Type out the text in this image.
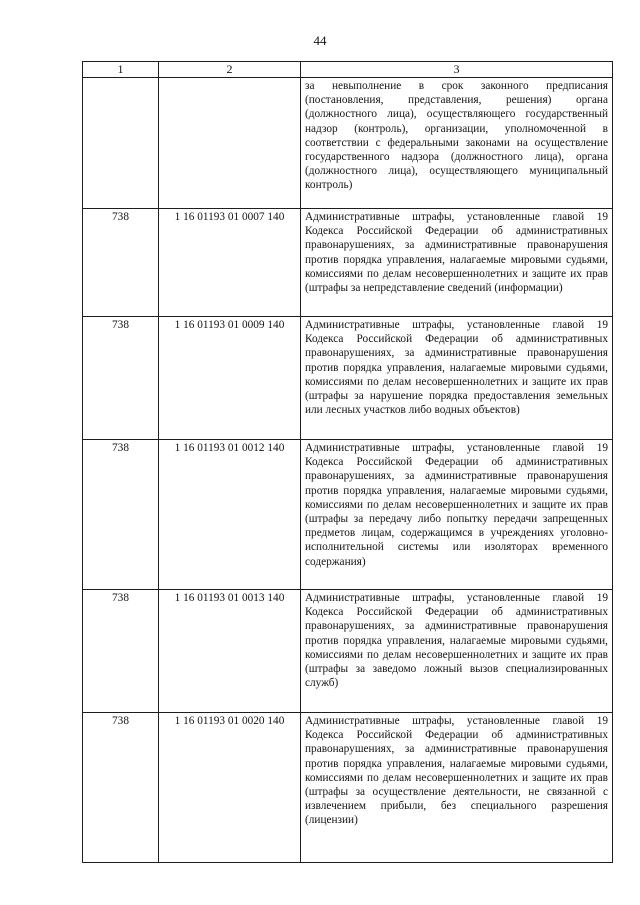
44
1	2	3
		за невыполнение в срок законного предписания (постановления, представления, решения) органа (должностного лица), осуществляющего государственный надзор (контроль), организации, уполномоченной в соответствии с федеральными законами на осуществление государственного надзора (должностного лица), органа (должностного лица), осуществляющего муниципальный контроль)
738	1 16 01193 01 0007 140	Административные штрафы, установленные главой 19 Кодекса Российской Федерации об административных правонарушениях, за административные правонарушения против порядка управления, налагаемые мировыми судьями, комиссиями по делам несовершеннолетних и защите их прав (штрафы за непредставление сведений (информации)
738	1 16 01193 01 0009 140	Административные штрафы, установленные главой 19 Кодекса Российской Федерации об административных правонарушениях, за административные правонарушения против порядка управления, налагаемые мировыми судьями, комиссиями по делам несовершеннолетних и защите их прав (штрафы за нарушение порядка предоставления земельных или лесных участков либо водных объектов)
738	1 16 01193 01 0012 140	Административные штрафы, установленные главой 19 Кодекса Российской Федерации об административных правонарушениях, за административные правонарушения против порядка управления, налагаемые мировыми судьями, комиссиями по делам несовершеннолетних и защите их прав (штрафы за передачу либо попытку передачи запрещенных предметов лицам, содержащимся в учреждениях уголовно-исполнительной системы или изоляторах временного содержания)
738	1 16 01193 01 0013 140	Административные штрафы, установленные главой 19 Кодекса Российской Федерации об административных правонарушениях, за административные правонарушения против порядка управления, налагаемые мировыми судьями, комиссиями по делам несовершеннолетних и защите их прав (штрафы за заведомо ложный вызов специализированных служб)
738	1 16 01193 01 0020 140	Административные штрафы, установленные главой 19 Кодекса Российской Федерации об административных правонарушениях, за административные правонарушения против порядка управления, налагаемые мировыми судьями, комиссиями по делам несовершеннолетних и защите их прав (штрафы за осуществление деятельности, не связанной с извлечением прибыли, без специального разрешения (лицензии)
